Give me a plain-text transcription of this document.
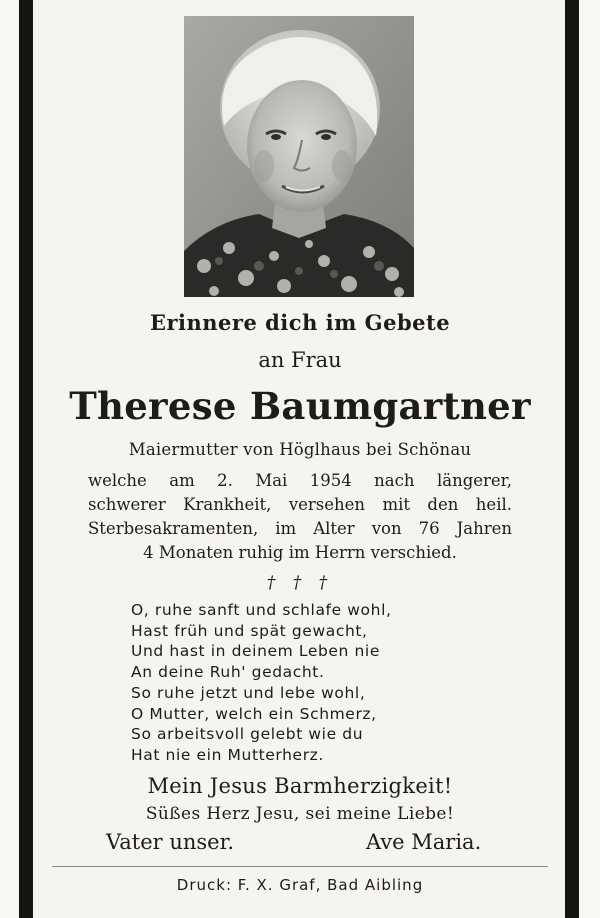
Erinnere dich im Gebete
an Frau
Therese Baumgartner
Maiermutter von Höglhaus bei Schönau
welche am 2. Mai 1954 nach längerer,
schwerer Krankheit, versehen mit den heil.
Sterbesakramenten, im Alter von 76 Jahren
4 Monaten ruhig im Herrn verschied.
† † †
O, ruhe sanft und schlafe wohl,
Hast früh und spät gewacht,
Und hast in deinem Leben nie
An deine Ruh' gedacht.
So ruhe jetzt und lebe wohl,
O Mutter, welch ein Schmerz,
So arbeitsvoll gelebt wie du
Hat nie ein Mutterherz.
Mein Jesus Barmherzigkeit!
Süßes Herz Jesu, sei meine Liebe!
Vater unser.	Ave Maria.
Druck: F. X. Graf, Bad Aibling
